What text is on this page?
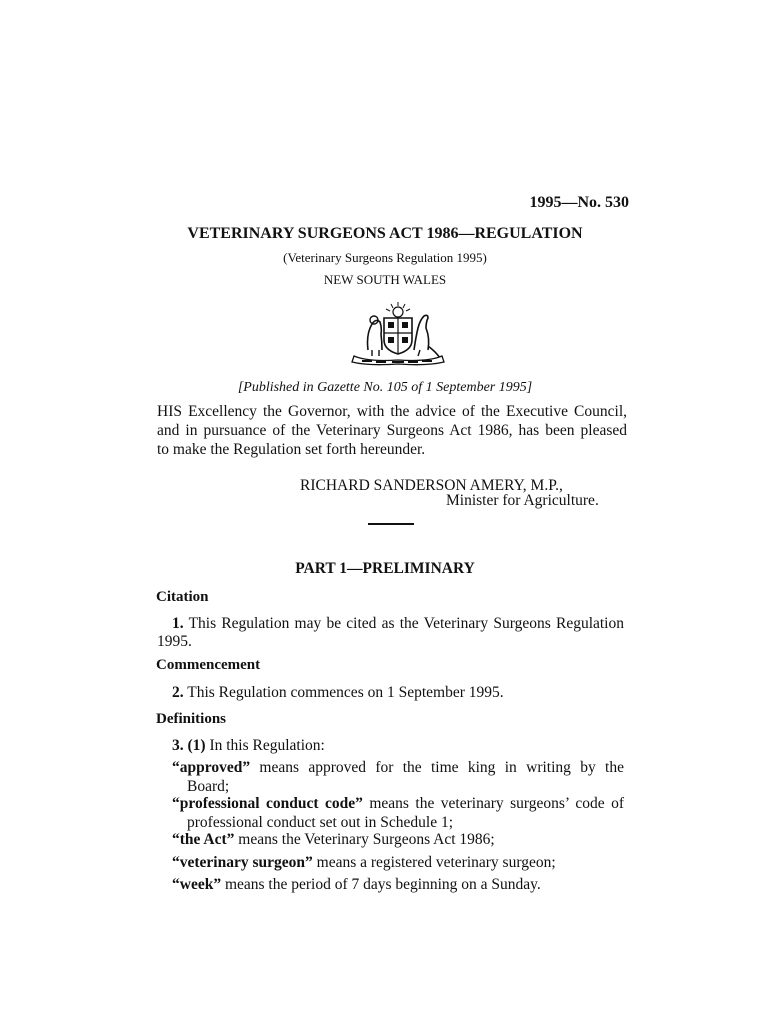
1995—No. 530
VETERINARY SURGEONS ACT 1986—REGULATION
(Veterinary Surgeons Regulation 1995)
NEW SOUTH WALES
[Published in Gazette No. 105 of 1 September 1995]
HIS Excellency the Governor, with the advice of the Executive Council,
and in pursuance of the Veterinary Surgeons Act 1986, has been pleased
to make the Regulation set forth hereunder.
RICHARD SANDERSON AMERY, M.P.,
Minister for Agriculture.
PART 1—PRELIMINARY
Citation
1. This Regulation may be cited as the Veterinary Surgeons Regulation
1995.
Commencement
2. This Regulation commences on 1 September 1995.
Definitions
3. (1) In this Regulation:
“approved” means approved for the time king in writing by the
Board;
“professional conduct code” means the veterinary surgeons’ code of
professional conduct set out in Schedule 1;
“the Act” means the Veterinary Surgeons Act 1986;
“veterinary surgeon” means a registered veterinary surgeon;
“week” means the period of 7 days beginning on a Sunday.
